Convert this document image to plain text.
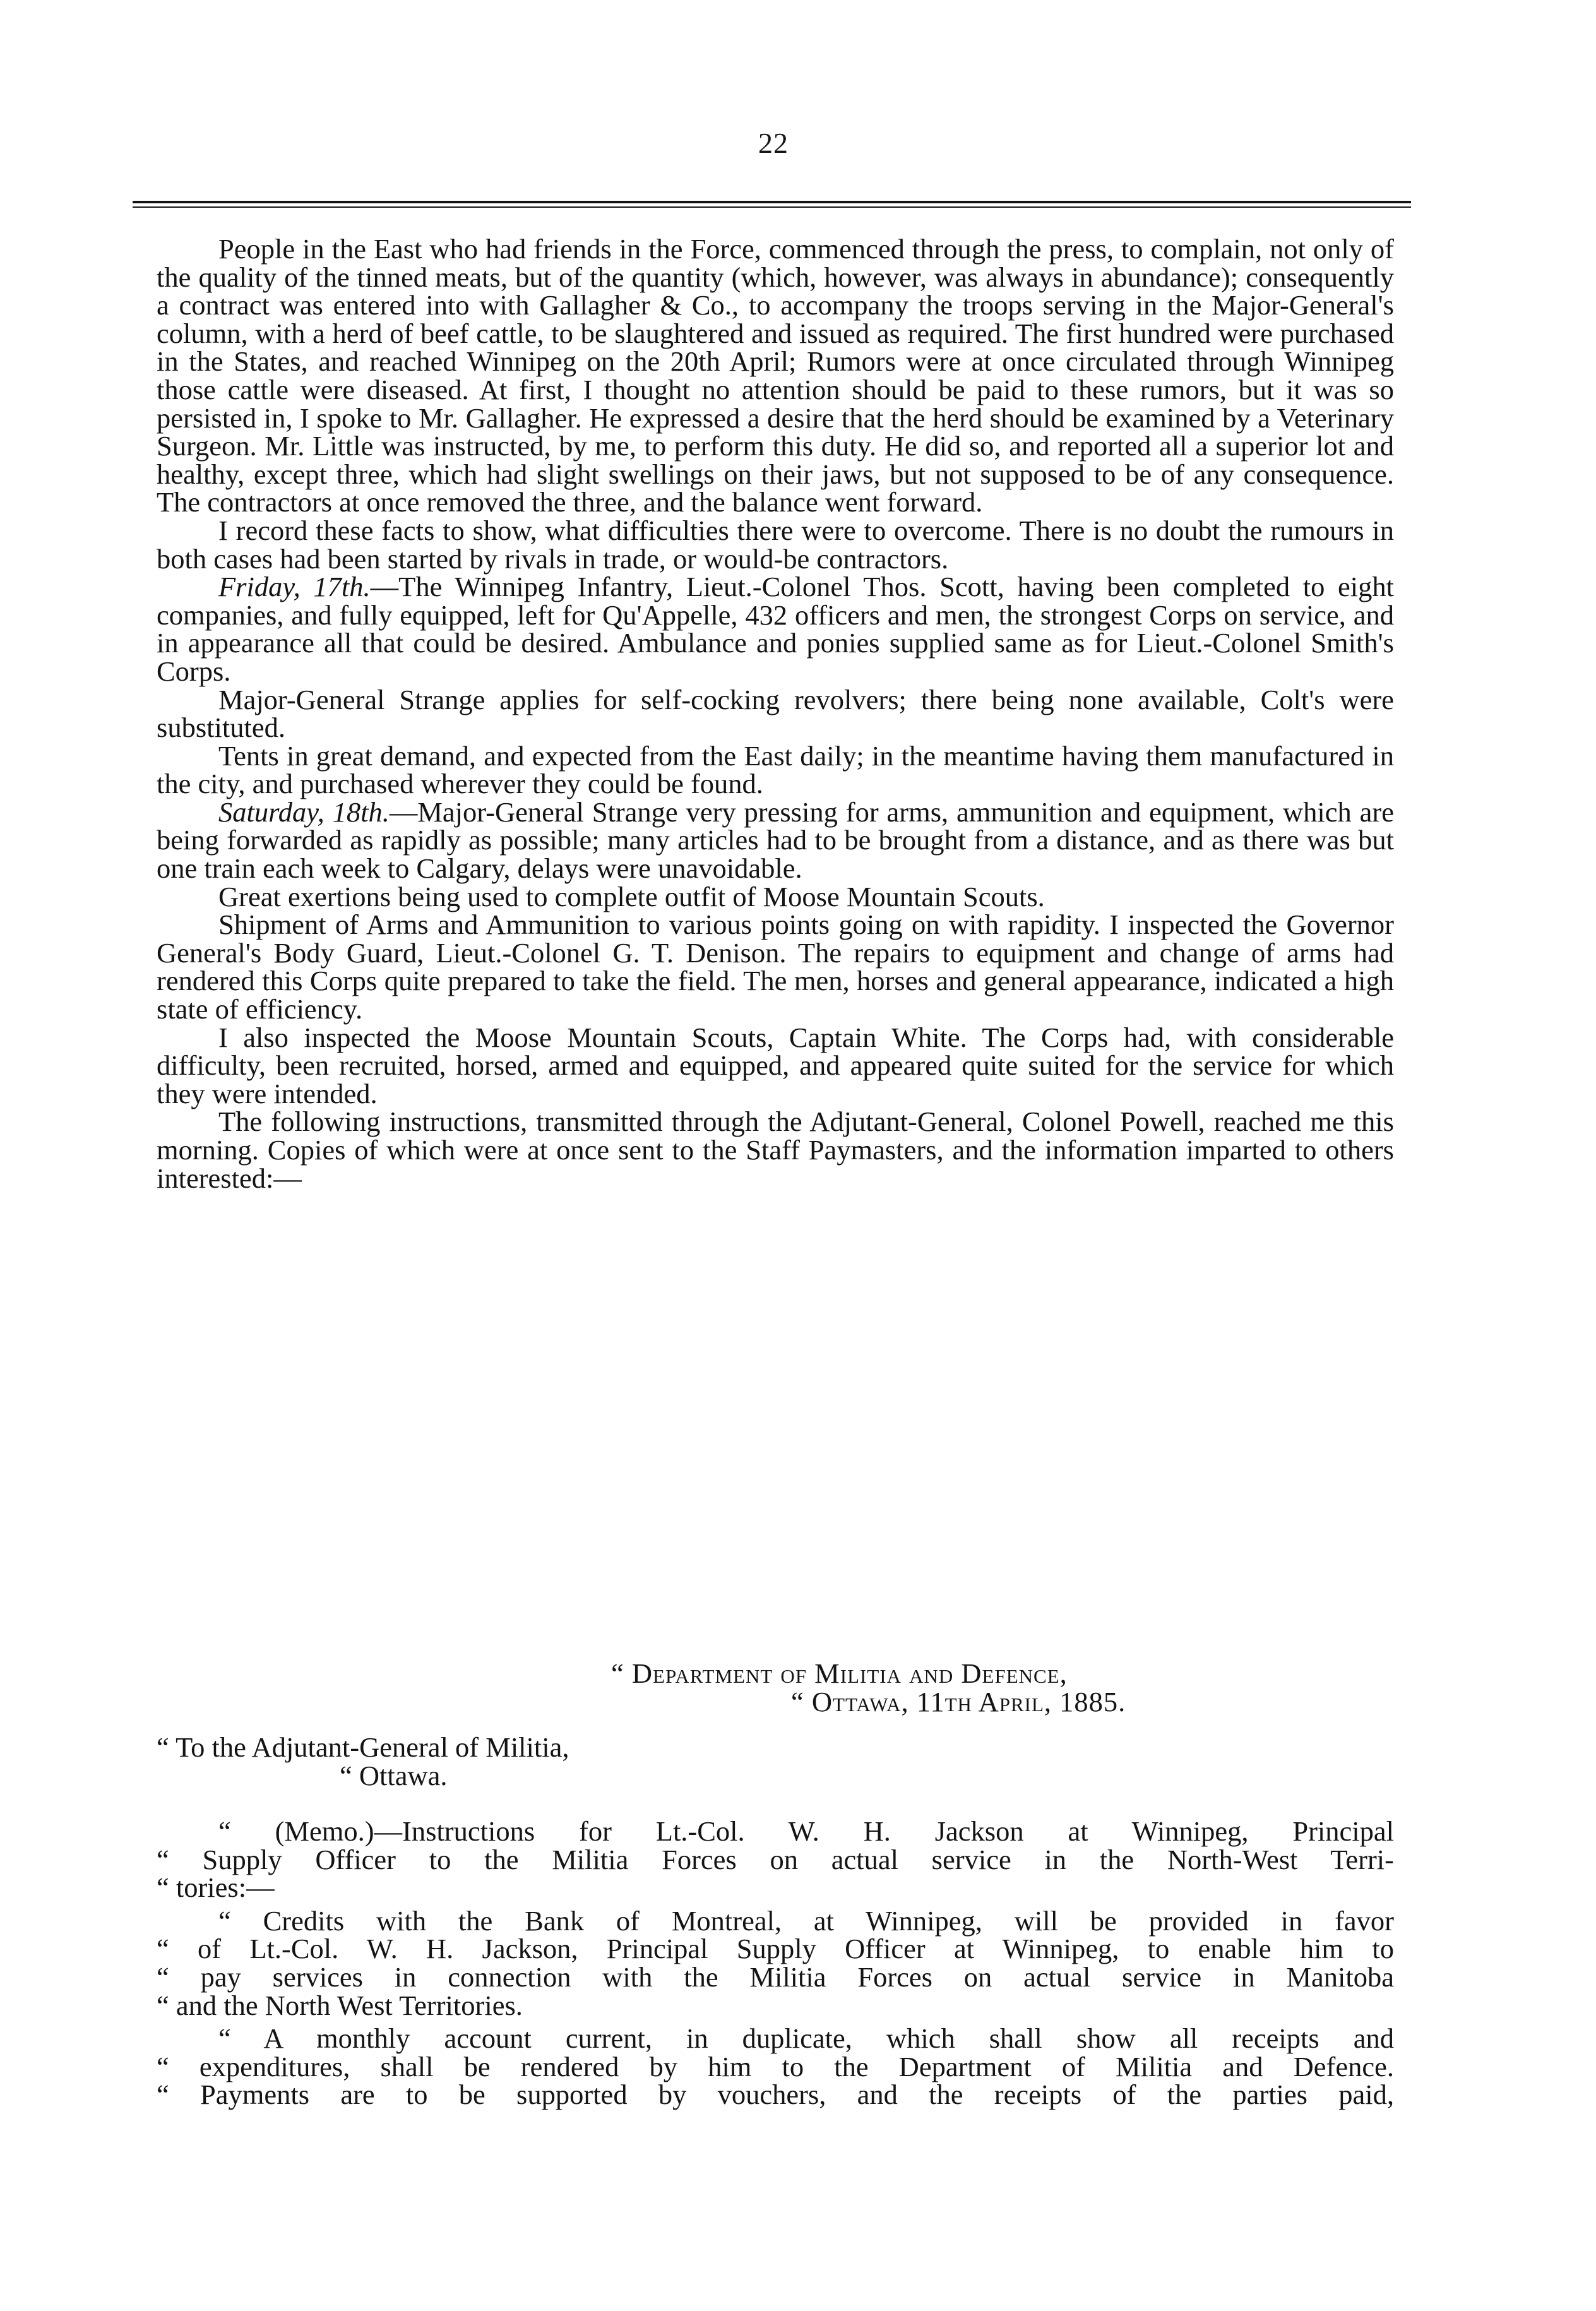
22

People in the East who had friends in the Force, commenced through the press, to complain, not only of the quality of the tinned meats, but of the quantity (which, however, was always in abundance); consequently a contract was entered into with Gallagher & Co., to accompany the troops serving in the Major-General's column, with a herd of beef cattle, to be slaughtered and issued as required. The first hundred were purchased in the States, and reached Winnipeg on the 20th April; Rumors were at once circulated through Winnipeg those cattle were diseased. At first, I thought no attention should be paid to these rumors, but it was so persisted in, I spoke to Mr. Gallagher. He expressed a desire that the herd should be examined by a Veterinary Surgeon. Mr. Little was instructed, by me, to perform this duty. He did so, and reported all a superior lot and healthy, except three, which had slight swellings on their jaws, but not supposed to be of any consequence. The contractors at once removed the three, and the balance went forward.

I record these facts to show, what difficulties there were to overcome. There is no doubt the rumours in both cases had been started by rivals in trade, or would-be contractors.

Friday, 17th.—The Winnipeg Infantry, Lieut.-Colonel Thos. Scott, having been completed to eight companies, and fully equipped, left for Qu'Appelle, 432 officers and men, the strongest Corps on service, and in appearance all that could be desired. Ambulance and ponies supplied same as for Lieut.-Colonel Smith's Corps.

Major-General Strange applies for self-cocking revolvers; there being none available, Colt's were substituted.

Tents in great demand, and expected from the East daily; in the meantime having them manufactured in the city, and purchased wherever they could be found.

Saturday, 18th.—Major-General Strange very pressing for arms, ammunition and equipment, which are being forwarded as rapidly as possible; many articles had to be brought from a distance, and as there was but one train each week to Calgary, delays were unavoidable.

Great exertions being used to complete outfit of Moose Mountain Scouts.

Shipment of Arms and Ammunition to various points going on with rapidity. I inspected the Governor General's Body Guard, Lieut.-Colonel G. T. Denison. The repairs to equipment and change of arms had rendered this Corps quite prepared to take the field. The men, horses and general appearance, indicated a high state of efficiency.

I also inspected the Moose Mountain Scouts, Captain White. The Corps had, with considerable difficulty, been recruited, horsed, armed and equipped, and appeared quite suited for the service for which they were intended.

The following instructions, transmitted through the Adjutant-General, Colonel Powell, reached me this morning. Copies of which were at once sent to the Staff Paymasters, and the information imparted to others interested:—

“ Department of Militia and Defence,
“ Ottawa, 11th April, 1885.
“ To the Adjutant-General of Militia,
“ Ottawa.

“ (Memo.)—Instructions for Lt.-Col. W. H. Jackson at Winnipeg, Principal
“ Supply Officer to the Militia Forces on actual service in the North-West Terri-
“ tories:—

“ Credits with the Bank of Montreal, at Winnipeg, will be provided in favor
“ of Lt.-Col. W. H. Jackson, Principal Supply Officer at Winnipeg, to enable him to
“ pay services in connection with the Militia Forces on actual service in Manitoba
“ and the North West Territories.

“ A monthly account current, in duplicate, which shall show all receipts and
“ expenditures, shall be rendered by him to the Department of Militia and Defence.
“ Payments are to be supported by vouchers, and the receipts of the parties paid,
